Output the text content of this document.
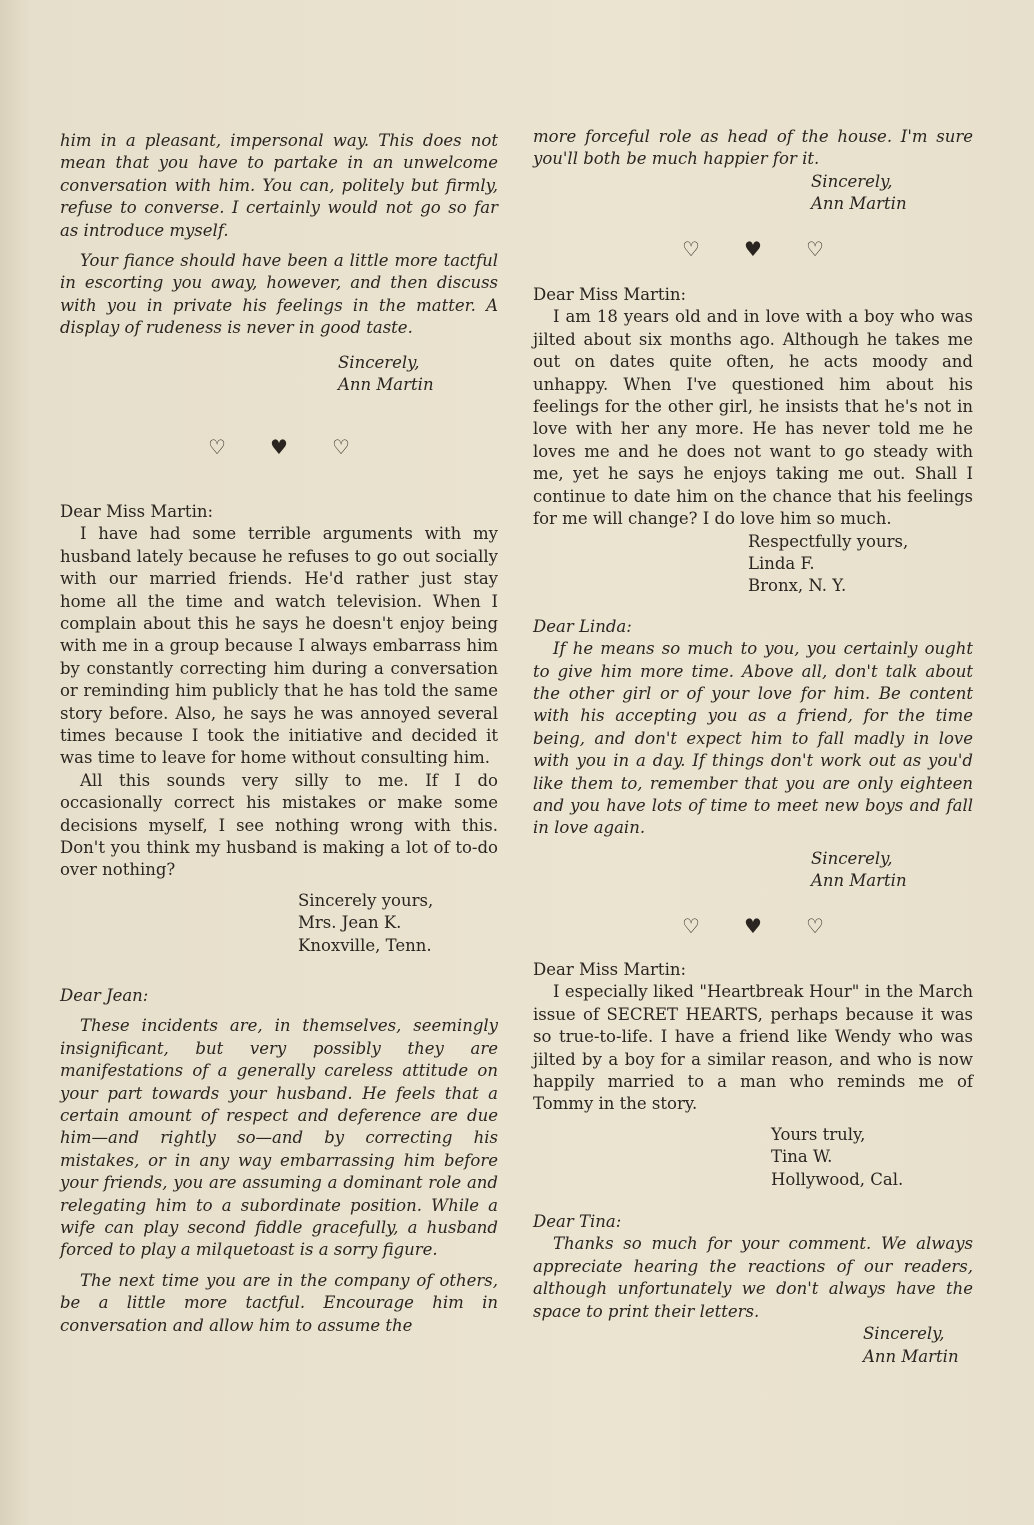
him in a pleasant, impersonal way. This does not mean that you have to partake in an unwelcome conversation with him. You can, politely but firmly, refuse to converse. I certainly would not go so far as introduce myself.

Your fiance should have been a little more tactful in escorting you away, however, and then discuss with you in private his feelings in the matter. A display of rudeness is never in good taste.

Sincerely,
Ann Martin
♡ ♥ ♡
Dear Miss Martin:

I have had some terrible arguments with my husband lately because he refuses to go out socially with our married friends. He'd rather just stay home all the time and watch television. When I complain about this he says he doesn't enjoy being with me in a group because I always embarrass him by constantly correcting him during a conversation or reminding him publicly that he has told the same story before. Also, he says he was annoyed several times because I took the initiative and decided it was time to leave for home without consulting him.

All this sounds very silly to me. If I do occasionally correct his mistakes or make some decisions myself, I see nothing wrong with this. Don't you think my husband is making a lot of to-do over nothing?

Sincerely yours,
Mrs. Jean K.
Knoxville, Tenn.
Dear Jean:

These incidents are, in themselves, seemingly insignificant, but very possibly they are manifestations of a generally careless attitude on your part towards your husband. He feels that a certain amount of respect and deference are due him—and rightly so—and by correcting his mistakes, or in any way embarrassing him before your friends, you are assuming a dominant role and relegating him to a subordinate position. While a wife can play second fiddle gracefully, a husband forced to play a milquetoast is a sorry figure.

The next time you are in the company of others, be a little more tactful. Encourage him in conversation and allow him to assume the

more forceful role as head of the house. I'm sure you'll both be much happier for it.

Sincerely,
Ann Martin
♡ ♥ ♡
Dear Miss Martin:

I am 18 years old and in love with a boy who was jilted about six months ago. Although he takes me out on dates quite often, he acts moody and unhappy. When I've questioned him about his feelings for the other girl, he insists that he's not in love with her any more. He has never told me he loves me and he does not want to go steady with me, yet he says he enjoys taking me out. Shall I continue to date him on the chance that his feelings for me will change? I do love him so much.

Respectfully yours,
Linda F.
Bronx, N. Y.
Dear Linda:

If he means so much to you, you certainly ought to give him more time. Above all, don't talk about the other girl or of your love for him. Be content with his accepting you as a friend, for the time being, and don't expect him to fall madly in love with you in a day. If things don't work out as you'd like them to, remember that you are only eighteen and you have lots of time to meet new boys and fall in love again.

Sincerely,
Ann Martin
♡ ♥ ♡
Dear Miss Martin:

I especially liked "Heartbreak Hour" in the March issue of SECRET HEARTS, perhaps because it was so true-to-life. I have a friend like Wendy who was jilted by a boy for a similar reason, and who is now happily married to a man who reminds me of Tommy in the story.

Yours truly,
Tina W.
Hollywood, Cal.
Dear Tina:

Thanks so much for your comment. We always appreciate hearing the reactions of our readers, although unfortunately we don't always have the space to print their letters.

Sincerely,
Ann Martin
